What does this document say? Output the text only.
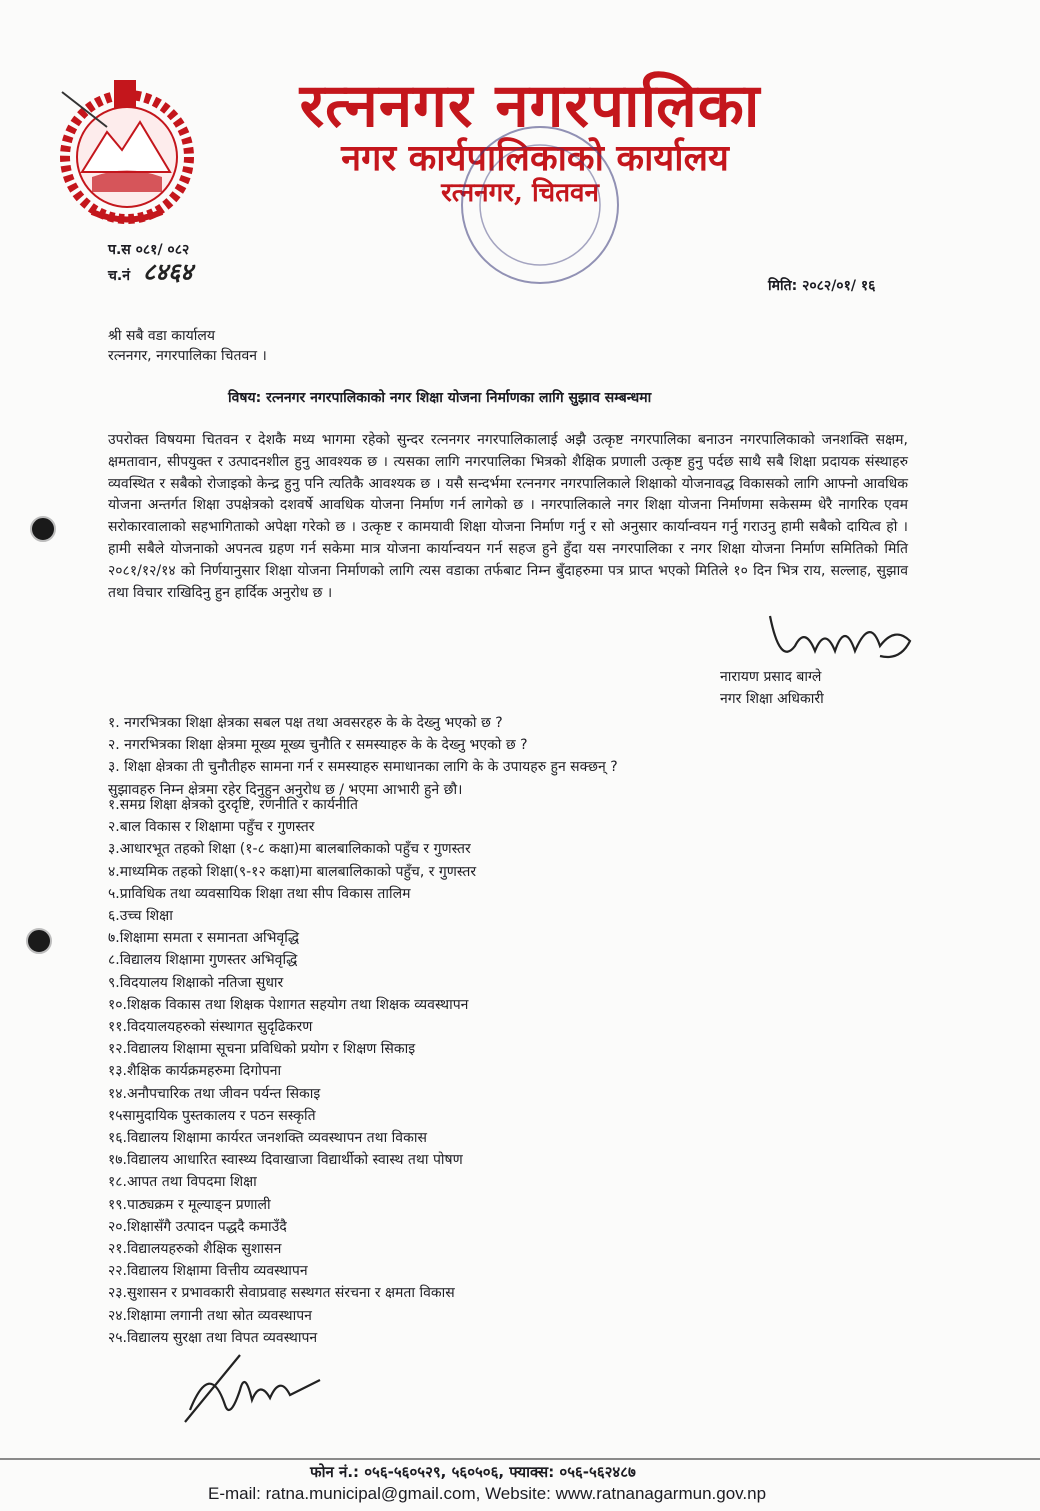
रत्ननगर नगरपालिका
नगर कार्यपालिकाको कार्यालय
रत्ननगर, चितवन
प.स ०८१/ ०८२
च.नं ८४६४	मिति: २०८२/०१/ १६
श्री सबै वडा कार्यालय
रत्ननगर, नगरपालिका चितवन ।
विषय: रत्ननगर नगरपालिकाको नगर शिक्षा योजना निर्माणका लागि सुझाव सम्बन्धमा

उपरोक्त विषयमा चितवन र देशकै मध्य भागमा रहेको सुन्दर रत्ननगर नगरपालिकालाई अझै उत्कृष्ट नगरपालिका बनाउन नगरपालिकाको जनशक्ति सक्षम, क्षमतावान, सीपयुक्त र उत्पादनशील हुनु आवश्यक छ । त्यसका लागि नगरपालिका भित्रको शैक्षिक प्रणाली उत्कृष्ट हुनु पर्दछ साथै सबै शिक्षा प्रदायक संस्थाहरु व्यवस्थित र सबैको रोजाइको केन्द्र हुनु पनि त्यतिकै आवश्यक छ । यसै सन्दर्भमा रत्ननगर नगरपालिकाले शिक्षाको योजनावद्ध विकासको लागि आफ्नो आवधिक योजना अन्तर्गत शिक्षा उपक्षेत्रको दशवर्षे आवधिक योजना निर्माण गर्न लागेको छ । नगरपालिकाले नगर शिक्षा योजना निर्माणमा सकेसम्म धेरै नागरिक एवम सरोकारवालाको सहभागिताको अपेक्षा गरेको छ । उत्कृष्ट र कामयावी शिक्षा योजना निर्माण गर्नु र सो अनुसार कार्यान्वयन गर्नु गराउनु हामी सबैको दायित्व हो । हामी सबैले योजनाको अपनत्व ग्रहण गर्न सकेमा मात्र योजना कार्यान्वयन गर्न सहज हुने हुँदा यस नगरपालिका र नगर शिक्षा योजना निर्माण समितिको मिति २०८१/१२/१४ को निर्णयानुसार शिक्षा योजना निर्माणको लागि त्यस वडाका तर्फबाट निम्न बुँदाहरुमा पत्र प्राप्त भएको मितिले १० दिन भित्र राय, सल्लाह, सुझाव तथा विचार राखिदिनु हुन हार्दिक अनुरोध छ ।

नारायण प्रसाद बाग्ले
नगर शिक्षा अधिकारी
१. नगरभित्रका शिक्षा क्षेत्रका सबल पक्ष तथा अवसरहरु के के देख्नु भएको छ ?
२. नगरभित्रका शिक्षा क्षेत्रमा मूख्य मूख्य चुनौति र समस्याहरु के के देख्नु भएको छ ?
३. शिक्षा क्षेत्रका ती चुनौतीहरु सामना गर्न र समस्याहरु समाधानका लागि के के उपायहरु हुन सक्छन् ?
सुझावहरु निम्न क्षेत्रमा रहेर दिनुहुन अनुरोध छ / भएमा आभारी हुने छौ।
१.समग्र शिक्षा क्षेत्रको दुरदृष्टि, रणनीति र कार्यनीति
२.बाल विकास र शिक्षामा पहुँच र गुणस्तर
३.आधारभूत तहको शिक्षा (१-८ कक्षा)मा बालबालिकाको पहुँच र गुणस्तर
४.माध्यमिक तहको शिक्षा(९-१२ कक्षा)मा बालबालिकाको पहुँच, र गुणस्तर
५.प्राविधिक तथा व्यवसायिक शिक्षा तथा सीप विकास तालिम
६.उच्च शिक्षा
७.शिक्षामा समता र समानता अभिवृद्धि
८.विद्यालय शिक्षामा गुणस्तर अभिवृद्धि
९.विदयालय शिक्षाको नतिजा सुधार
१०.शिक्षक विकास तथा शिक्षक पेशागत सहयोग तथा शिक्षक व्यवस्थापन
११.विदयालयहरुको संस्थागत सुदृढिकरण
१२.विद्यालय शिक्षामा सूचना प्रविधिको प्रयोग र शिक्षण सिकाइ
१३.शैक्षिक कार्यक्रमहरुमा दिगोपना
१४.अनौपचारिक तथा जीवन पर्यन्त सिकाइ
१५सामुदायिक पुस्तकालय र पठन सस्कृति
१६.विद्यालय शिक्षामा कार्यरत जनशक्ति व्यवस्थापन तथा विकास
१७.विद्यालय आधारित स्वास्थ्य दिवाखाजा विद्यार्थीको स्वास्थ तथा पोषण
१८.आपत तथा विपदमा शिक्षा
१९.पाठ्यक्रम र मूल्याङ्न प्रणाली
२०.शिक्षासँगै उत्पादन पद्धदै कमाउँदै
२१.विद्यालयहरुको शैक्षिक सुशासन
२२.विद्यालय शिक्षामा वित्तीय व्यवस्थापन
२३.सुशासन र प्रभावकारी सेवाप्रवाह सस्थगत संरचना र क्षमता विकास
२४.शिक्षामा लगानी तथा स्रोत व्यवस्थापन
२५.विद्यालय सुरक्षा तथा विपत व्यवस्थापन
फोन नं.: ०५६-५६०५२९, ५६०५०६, फ्याक्स: ०५६-५६२४८७
E-mail: ratna.municipal@gmail.com, Website: www.ratnanagarmun.gov.np
